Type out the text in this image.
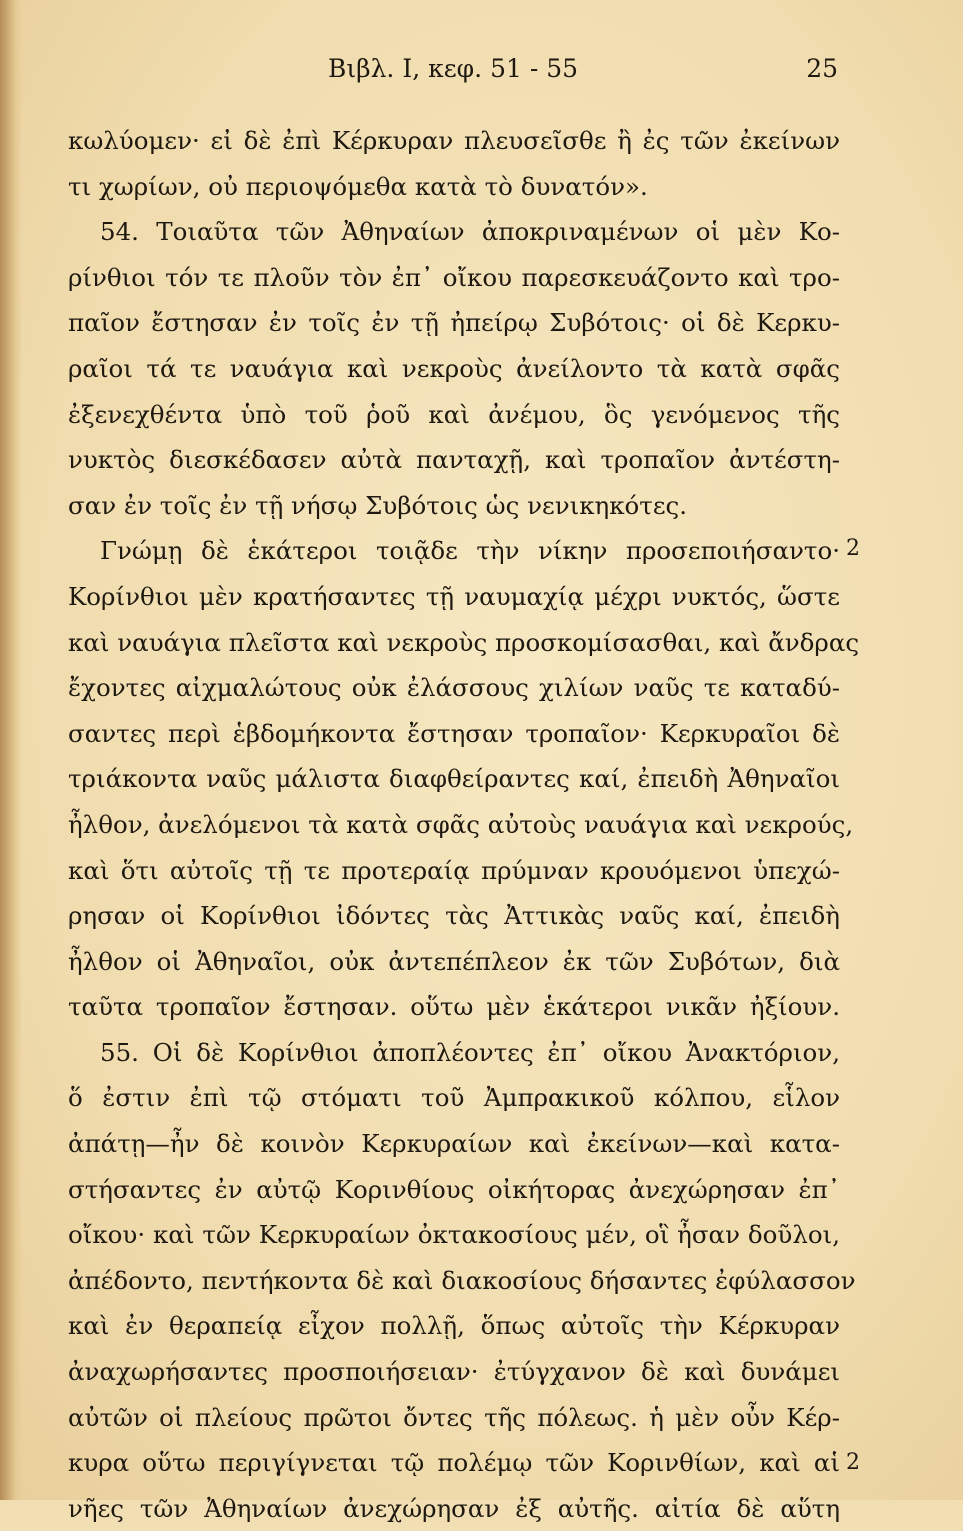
Βιβλ. I, κεφ. 51 - 55	25
κωλύομεν· εἰ δὲ ἐπὶ Κέρκυραν πλευσεῖσθε ἢ ἐς τῶν ἐκείνων
τι χωρίων, οὐ περιοψόμεθα κατὰ τὸ δυνατόν».
54. Τοιαῦτα τῶν Ἀθηναίων ἀποκριναμένων οἱ μὲν Κο-
ρίνθιοι τόν τε πλοῦν τὸν ἐπ᾽ οἴκου παρεσκευάζοντο καὶ τρο-
παῖον ἔστησαν ἐν τοῖς ἐν τῇ ἠπείρῳ Συβότοις· οἱ δὲ Κερκυ-
ραῖοι τά τε ναυάγια καὶ νεκροὺς ἀνείλοντο τὰ κατὰ σφᾶς
ἐξενεχθέντα ὑπὸ τοῦ ῥοῦ καὶ ἀνέμου, ὃς γενόμενος τῆς
νυκτὸς διεσκέδασεν αὐτὰ πανταχῇ, καὶ τροπαῖον ἀντέστη-
σαν ἐν τοῖς ἐν τῇ νήσῳ Συβότοις ὡς νενικηκότες.
Γνώμῃ δὲ ἑκάτεροι τοιᾷδε τὴν νίκην προσεποιήσαντο·
Κορίνθιοι μὲν κρατήσαντες τῇ ναυμαχίᾳ μέχρι νυκτός, ὥστε
καὶ ναυάγια πλεῖστα καὶ νεκροὺς προσκομίσασθαι, καὶ ἄνδρας
ἔχοντες αἰχμαλώτους οὐκ ἐλάσσους χιλίων ναῦς τε καταδύ-
σαντες περὶ ἑβδομήκοντα ἔστησαν τροπαῖον· Κερκυραῖοι δὲ
τριάκοντα ναῦς μάλιστα διαφθείραντες καί, ἐπειδὴ Ἀθηναῖοι
ἦλθον, ἀνελόμενοι τὰ κατὰ σφᾶς αὐτοὺς ναυάγια καὶ νεκρούς,
καὶ ὅτι αὐτοῖς τῇ τε προτεραίᾳ πρύμναν κρουόμενοι ὑπεχώ-
ρησαν οἱ Κορίνθιοι ἰδόντες τὰς Ἀττικὰς ναῦς καί, ἐπειδὴ
ἦλθον οἱ Ἀθηναῖοι, οὐκ ἀντεπέπλεον ἐκ τῶν Συβότων, διὰ
ταῦτα τροπαῖον ἔστησαν. οὕτω μὲν ἑκάτεροι νικᾶν ἠξίουν.
55. Οἱ δὲ Κορίνθιοι ἀποπλέοντες ἐπ᾽ οἴκου Ἀνακτόριον,
ὅ ἐστιν ἐπὶ τῷ στόματι τοῦ Ἀμπρακικοῦ κόλπου, εἷλον
ἀπάτῃ—ἦν δὲ κοινὸν Κερκυραίων καὶ ἐκείνων—καὶ κατα-
στήσαντες ἐν αὐτῷ Κορινθίους οἰκήτορας ἀνεχώρησαν ἐπ᾽
οἴκου· καὶ τῶν Κερκυραίων ὀκτακοσίους μέν, οἳ ἦσαν δοῦλοι,
ἀπέδοντο, πεντήκοντα δὲ καὶ διακοσίους δήσαντες ἐφύλασσον
καὶ ἐν θεραπείᾳ εἶχον πολλῇ, ὅπως αὐτοῖς τὴν Κέρκυραν
ἀναχωρήσαντες προσποιήσειαν· ἐτύγχανον δὲ καὶ δυνάμει
αὐτῶν οἱ πλείους πρῶτοι ὄντες τῆς πόλεως. ἡ μὲν οὖν Κέρ-
κυρα οὕτω περιγίγνεται τῷ πολέμῳ τῶν Κορινθίων, καὶ αἱ
νῆες τῶν Ἀθηναίων ἀνεχώρησαν ἐξ αὐτῆς. αἰτία δὲ αὕτη
2
2
